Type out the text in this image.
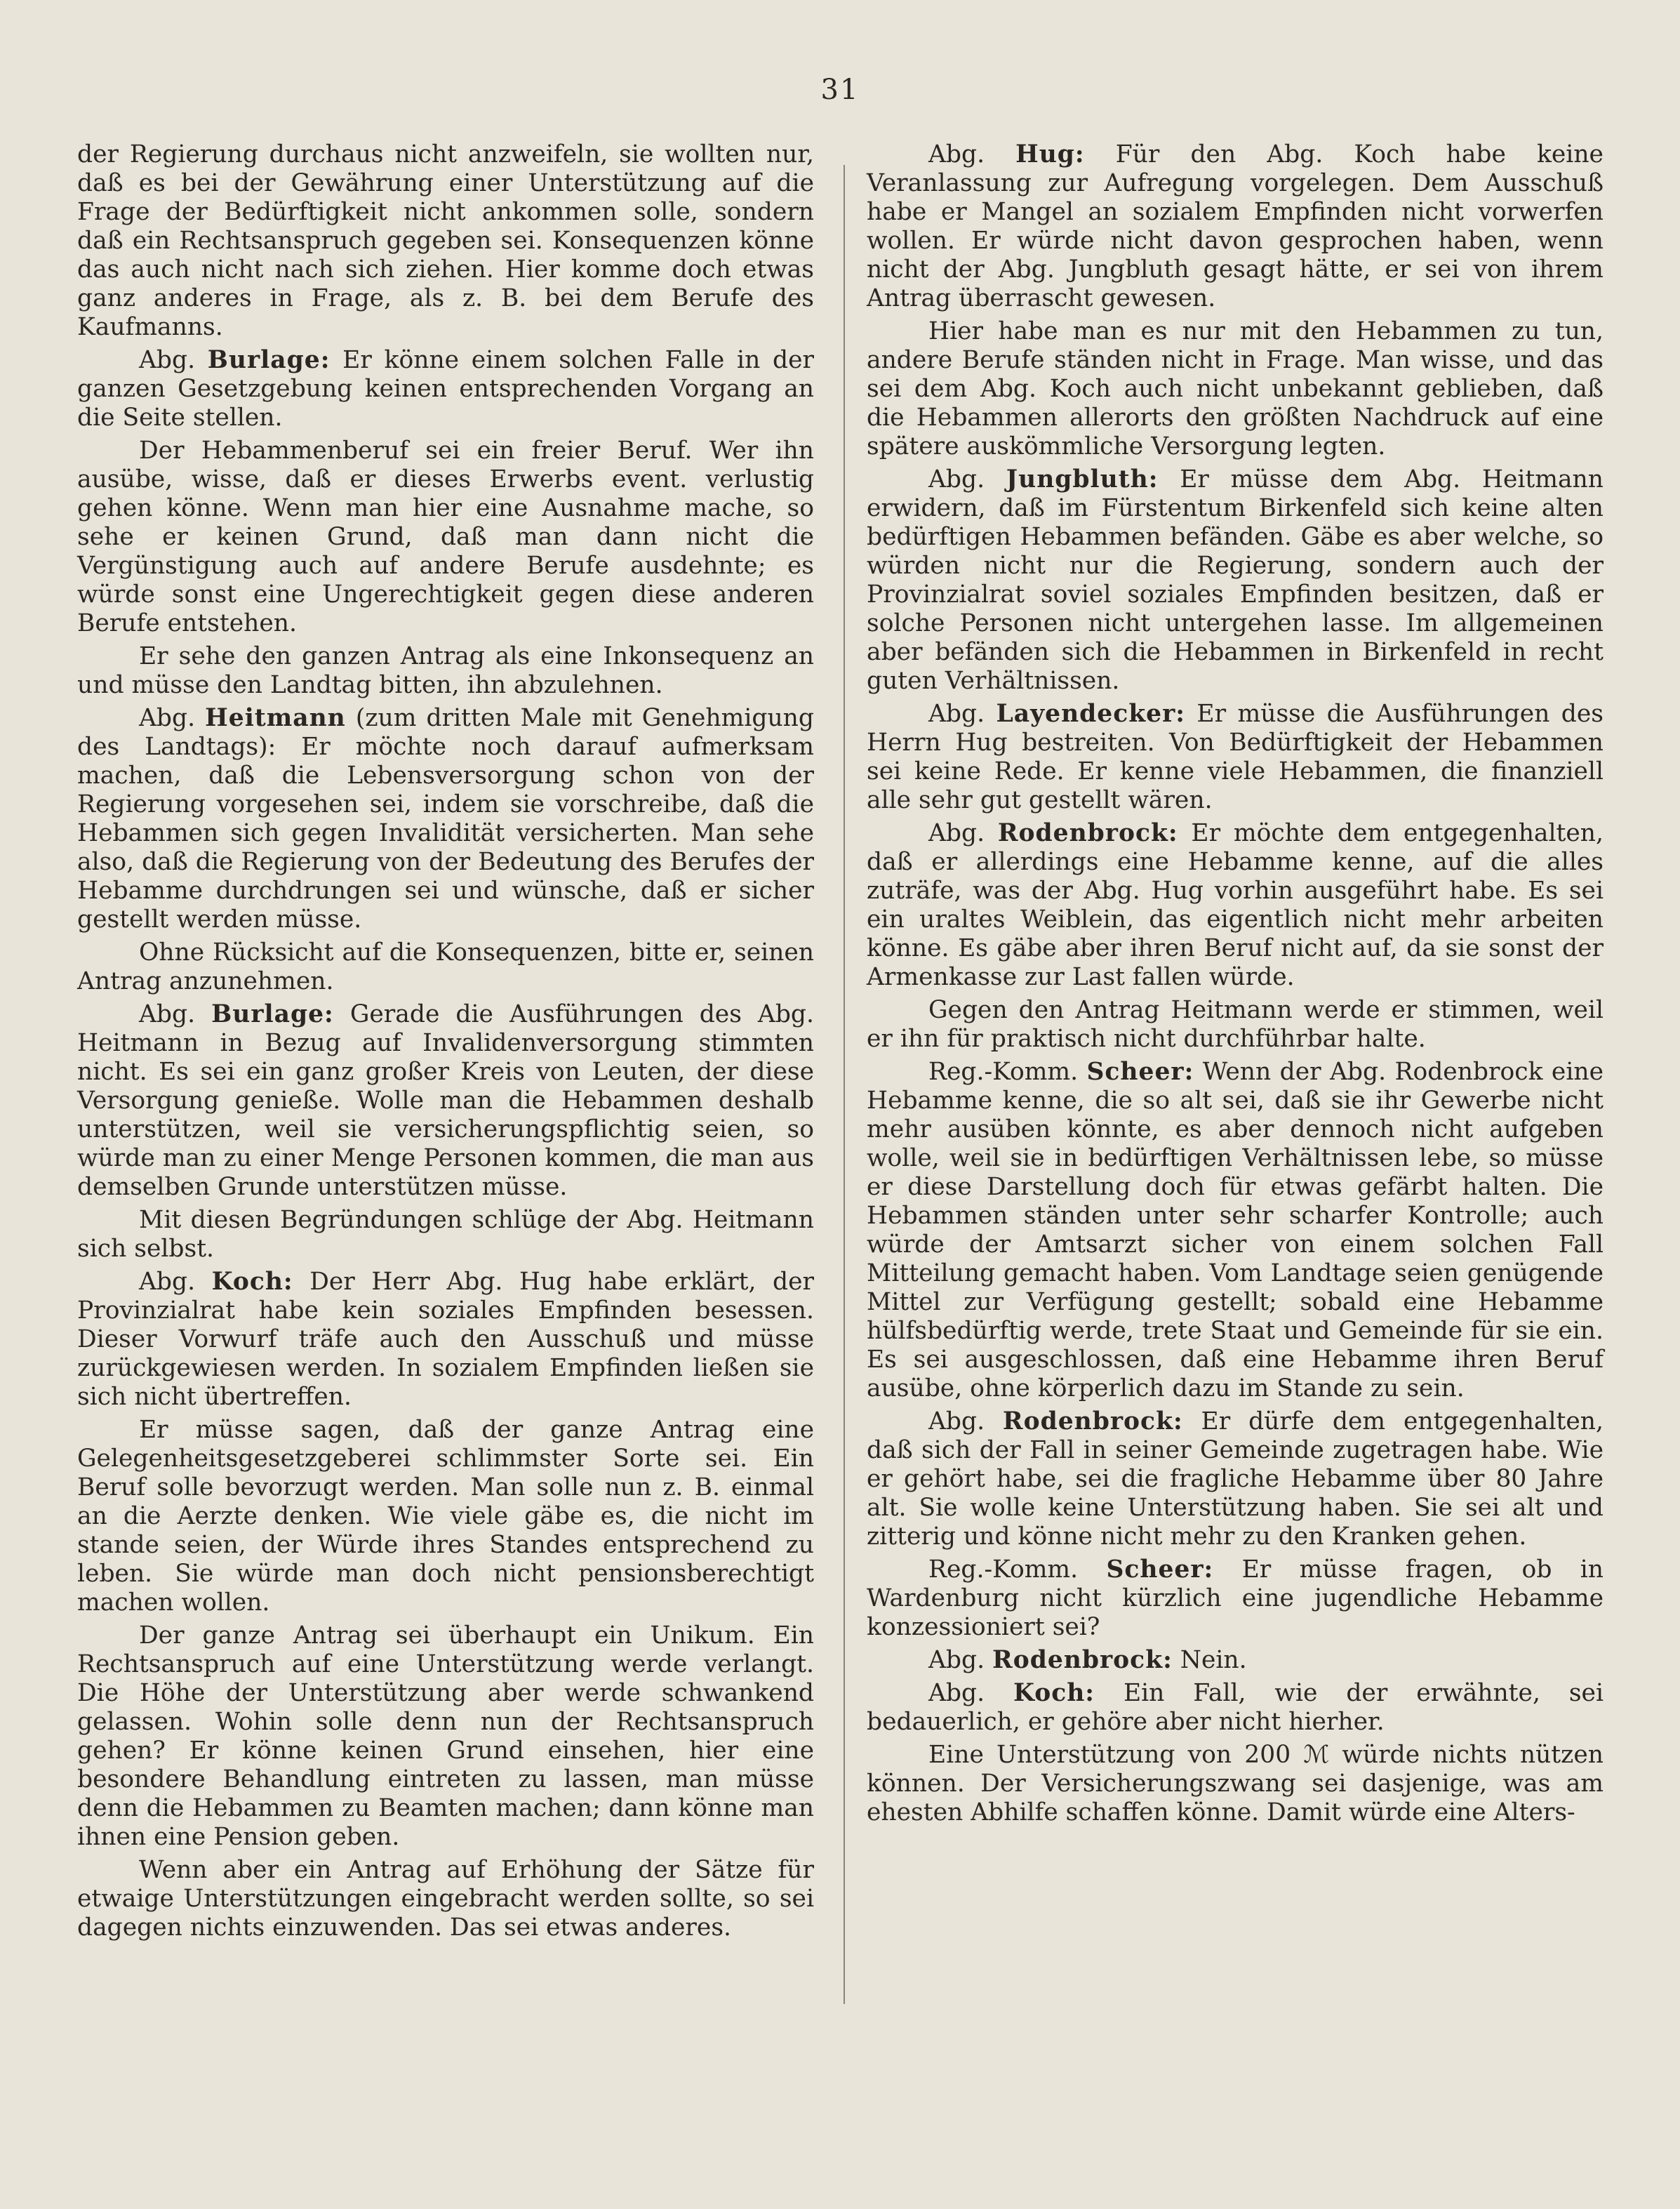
31

der Regierung durchaus nicht anzweifeln, sie wollten nur, daß es bei der Gewährung einer Unterstützung auf die Frage der Bedürftigkeit nicht ankommen solle, sondern daß ein Rechtsanspruch gegeben sei. Konsequenzen könne das auch nicht nach sich ziehen. Hier komme doch etwas ganz anderes in Frage, als z. B. bei dem Berufe des Kaufmanns.

Abg. Burlage: Er könne einem solchen Falle in der ganzen Gesetzgebung keinen entsprechenden Vorgang an die Seite stellen.

Der Hebammenberuf sei ein freier Beruf. Wer ihn ausübe, wisse, daß er dieses Erwerbs event. verlustig gehen könne. Wenn man hier eine Ausnahme mache, so sehe er keinen Grund, daß man dann nicht die Vergünstigung auch auf andere Berufe ausdehnte; es würde sonst eine Ungerechtigkeit gegen diese anderen Berufe entstehen.

Er sehe den ganzen Antrag als eine Inkonsequenz an und müsse den Landtag bitten, ihn abzulehnen.

Abg. Heitmann (zum dritten Male mit Genehmigung des Landtags): Er möchte noch darauf aufmerksam machen, daß die Lebensversorgung schon von der Regierung vorgesehen sei, indem sie vorschreibe, daß die Hebammen sich gegen Invalidität versicherten. Man sehe also, daß die Regierung von der Bedeutung des Berufes der Hebamme durchdrungen sei und wünsche, daß er sicher gestellt werden müsse.

Ohne Rücksicht auf die Konsequenzen, bitte er, seinen Antrag anzunehmen.

Abg. Burlage: Gerade die Ausführungen des Abg. Heitmann in Bezug auf Invalidenversorgung stimmten nicht. Es sei ein ganz großer Kreis von Leuten, der diese Versorgung genieße. Wolle man die Hebammen deshalb unterstützen, weil sie versicherungspflichtig seien, so würde man zu einer Menge Personen kommen, die man aus demselben Grunde unterstützen müsse.

Mit diesen Begründungen schlüge der Abg. Heitmann sich selbst.

Abg. Koch: Der Herr Abg. Hug habe erklärt, der Provinzialrat habe kein soziales Empfinden besessen. Dieser Vorwurf träfe auch den Ausschuß und müsse zurückgewiesen werden. In sozialem Empfinden ließen sie sich nicht übertreffen.

Er müsse sagen, daß der ganze Antrag eine Gelegenheitsgesetzgeberei schlimmster Sorte sei. Ein Beruf solle bevorzugt werden. Man solle nun z. B. einmal an die Aerzte denken. Wie viele gäbe es, die nicht im stande seien, der Würde ihres Standes entsprechend zu leben. Sie würde man doch nicht pensionsberechtigt machen wollen.

Der ganze Antrag sei überhaupt ein Unikum. Ein Rechtsanspruch auf eine Unterstützung werde verlangt. Die Höhe der Unterstützung aber werde schwankend gelassen. Wohin solle denn nun der Rechtsanspruch gehen? Er könne keinen Grund einsehen, hier eine besondere Behandlung eintreten zu lassen, man müsse denn die Hebammen zu Beamten machen; dann könne man ihnen eine Pension geben.

Wenn aber ein Antrag auf Erhöhung der Sätze für etwaige Unterstützungen eingebracht werden sollte, so sei dagegen nichts einzuwenden. Das sei etwas anderes.

Abg. Hug: Für den Abg. Koch habe keine Veranlassung zur Aufregung vorgelegen. Dem Ausschuß habe er Mangel an sozialem Empfinden nicht vorwerfen wollen. Er würde nicht davon gesprochen haben, wenn nicht der Abg. Jungbluth gesagt hätte, er sei von ihrem Antrag überrascht gewesen.

Hier habe man es nur mit den Hebammen zu tun, andere Berufe ständen nicht in Frage. Man wisse, und das sei dem Abg. Koch auch nicht unbekannt geblieben, daß die Hebammen allerorts den größten Nachdruck auf eine spätere auskömmliche Versorgung legten.

Abg. Jungbluth: Er müsse dem Abg. Heitmann erwidern, daß im Fürstentum Birkenfeld sich keine alten bedürftigen Hebammen befänden. Gäbe es aber welche, so würden nicht nur die Regierung, sondern auch der Provinzialrat soviel soziales Empfinden besitzen, daß er solche Personen nicht untergehen lasse. Im allgemeinen aber befänden sich die Hebammen in Birkenfeld in recht guten Verhältnissen.

Abg. Layendecker: Er müsse die Ausführungen des Herrn Hug bestreiten. Von Bedürftigkeit der Hebammen sei keine Rede. Er kenne viele Hebammen, die finanziell alle sehr gut gestellt wären.

Abg. Rodenbrock: Er möchte dem entgegenhalten, daß er allerdings eine Hebamme kenne, auf die alles zuträfe, was der Abg. Hug vorhin ausgeführt habe. Es sei ein uraltes Weiblein, das eigentlich nicht mehr arbeiten könne. Es gäbe aber ihren Beruf nicht auf, da sie sonst der Armenkasse zur Last fallen würde.

Gegen den Antrag Heitmann werde er stimmen, weil er ihn für praktisch nicht durchführbar halte.

Reg.-Komm. Scheer: Wenn der Abg. Rodenbrock eine Hebamme kenne, die so alt sei, daß sie ihr Gewerbe nicht mehr ausüben könnte, es aber dennoch nicht aufgeben wolle, weil sie in bedürftigen Verhältnissen lebe, so müsse er diese Darstellung doch für etwas gefärbt halten. Die Hebammen ständen unter sehr scharfer Kontrolle; auch würde der Amtsarzt sicher von einem solchen Fall Mitteilung gemacht haben. Vom Landtage seien genügende Mittel zur Verfügung gestellt; sobald eine Hebamme hülfsbedürftig werde, trete Staat und Gemeinde für sie ein. Es sei ausgeschlossen, daß eine Hebamme ihren Beruf ausübe, ohne körperlich dazu im Stande zu sein.

Abg. Rodenbrock: Er dürfe dem entgegenhalten, daß sich der Fall in seiner Gemeinde zugetragen habe. Wie er gehört habe, sei die fragliche Hebamme über 80 Jahre alt. Sie wolle keine Unterstützung haben. Sie sei alt und zitterig und könne nicht mehr zu den Kranken gehen.

Reg.-Komm. Scheer: Er müsse fragen, ob in Wardenburg nicht kürzlich eine jugendliche Hebamme konzessioniert sei?

Abg. Rodenbrock: Nein.

Abg. Koch: Ein Fall, wie der erwähnte, sei bedauerlich, er gehöre aber nicht hierher.

Eine Unterstützung von 200 ℳ würde nichts nützen können. Der Versicherungszwang sei dasjenige, was am ehesten Abhilfe schaffen könne. Damit würde eine Alters-
